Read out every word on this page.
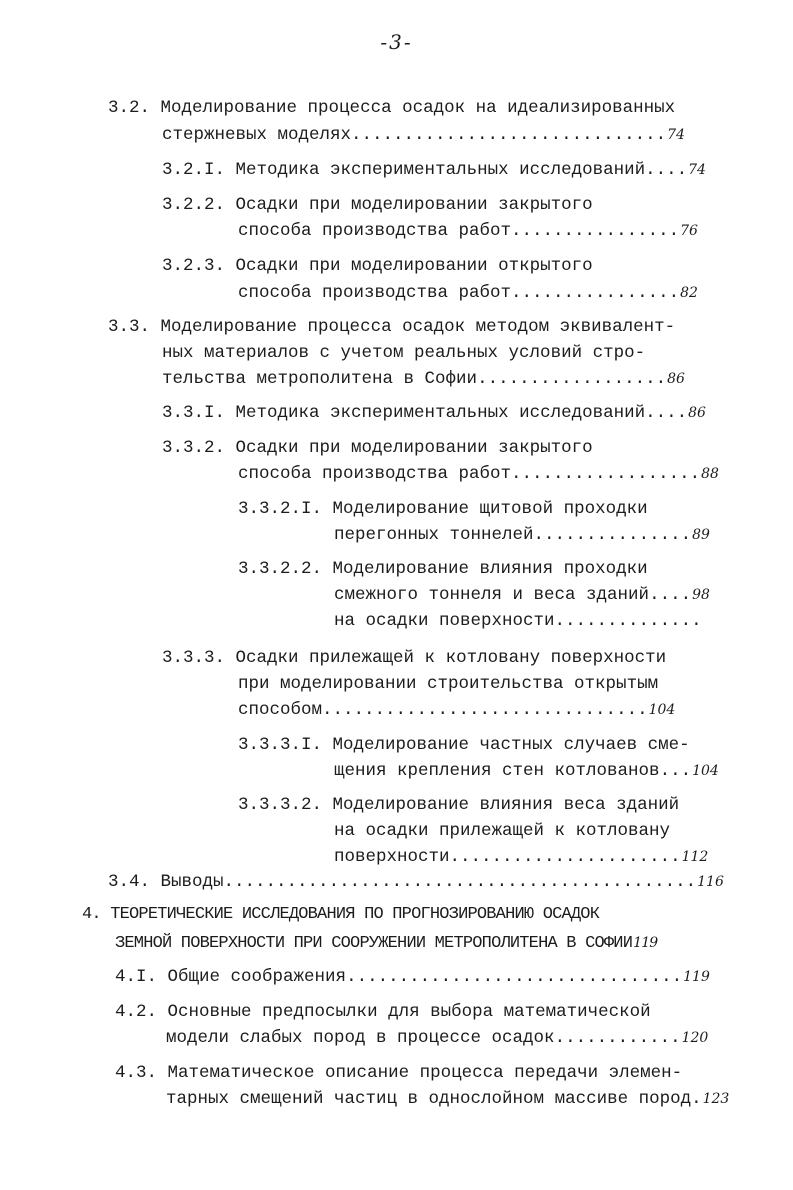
-3-
3.2. Моделирование процесса осадок на идеализированных
стержневых моделях..............................74
3.2.I. Методика экспериментальных исследований....74
3.2.2. Осадки при моделировании закрытого
способа производства работ................76
3.2.3. Осадки при моделировании открытого
способа производства работ................82
3.3. Моделирование процесса осадок методом эквивалент-
ных материалов с учетом реальных условий стро-
тельства метрополитена в Софии..................86
3.3.I. Методика экспериментальных исследований....86
3.3.2. Осадки при моделировании закрытого
способа производства работ..................88
3.3.2.I. Моделирование щитовой проходки
перегонных тоннелей...............89
3.3.2.2. Моделирование влияния проходки
смежного тоннеля и веса зданий....98
на осадки поверхности..............
3.3.3. Осадки прилежащей к котловану поверхности
при моделировании строительства открытым
способом...............................104
3.3.3.I. Моделирование частных случаев сме-
щения крепления стен котлованов...104
3.3.3.2. Моделирование влияния веса зданий
на осадки прилежащей к котловану
поверхности......................112
3.4. Выводы.............................................116
4. ТЕОРЕТИЧЕСКИЕ ИССЛЕДОВАНИЯ ПО ПРОГНОЗИРОВАНИЮ ОСАДОК
ЗЕМНОЙ ПОВЕРХНОСТИ ПРИ СООРУЖЕНИИ МЕТРОПОЛИТЕНА В СОФИИ119
4.I. Общие соображения................................119
4.2. Основные предпосылки для выбора математической
модели слабых пород в процессе осадок............120
4.3. Математическое описание процесса передачи элемен-
тарных смещений частиц в однослойном массиве пород.123
